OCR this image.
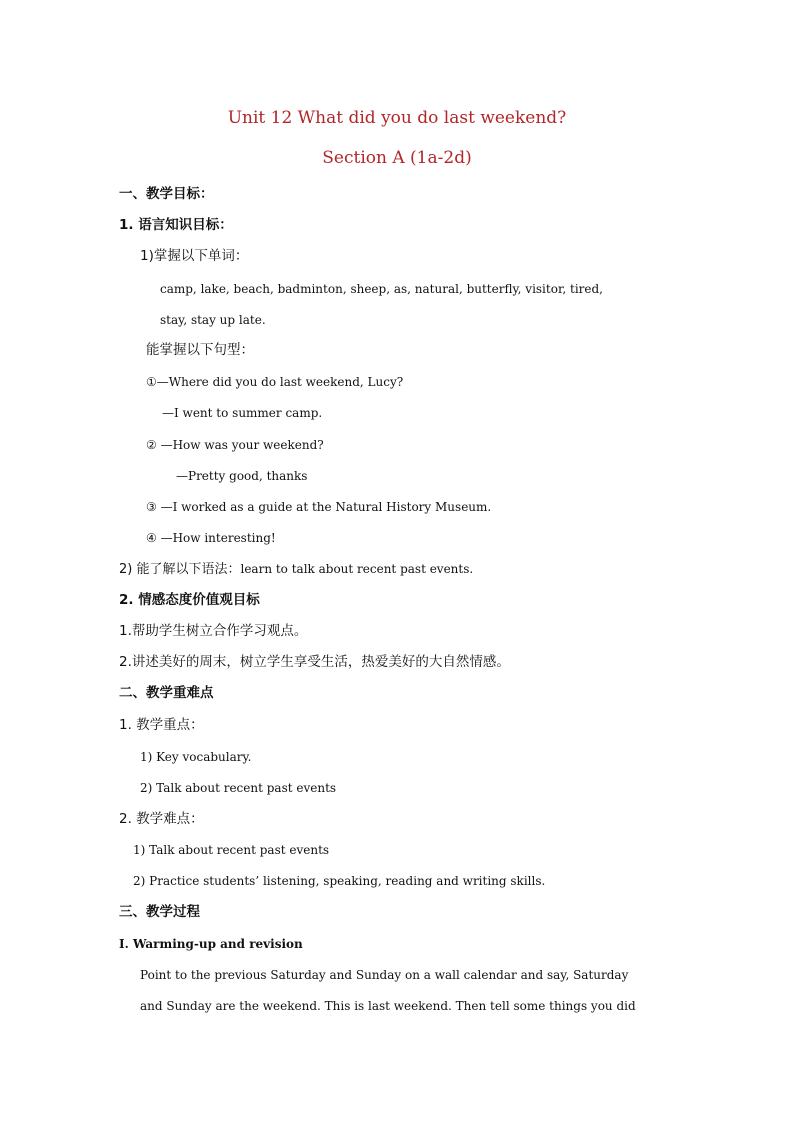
Unit 12 What did you do last weekend?
Section A (1a-2d)
一、教学目标：
1. 语言知识目标：
1)掌握以下单词：
camp, lake, beach, badminton, sheep, as, natural, butterfly, visitor, tired,
stay, stay up late.
能掌握以下句型：
①—Where did you do last weekend, Lucy?
—I went to summer camp.
② —How was your weekend?
—Pretty good, thanks
③ —I worked as a guide at the Natural History Museum.
④ —How interesting!
2) 能了解以下语法：learn to talk about recent past events.
2. 情感态度价值观目标
1.帮助学生树立合作学习观点。
2.讲述美好的周末，树立学生享受生活，热爱美好的大自然情感。
二、教学重难点
1. 教学重点：
1) Key vocabulary.
2) Talk about recent past events
2. 教学难点：
1) Talk about recent past events
2) Practice students’ listening, speaking, reading and writing skills.
三、教学过程
Ⅰ. Warming-up and revision
Point to the previous Saturday and Sunday on a wall calendar and say, Saturday
and Sunday are the weekend. This is last weekend. Then tell some things you did
